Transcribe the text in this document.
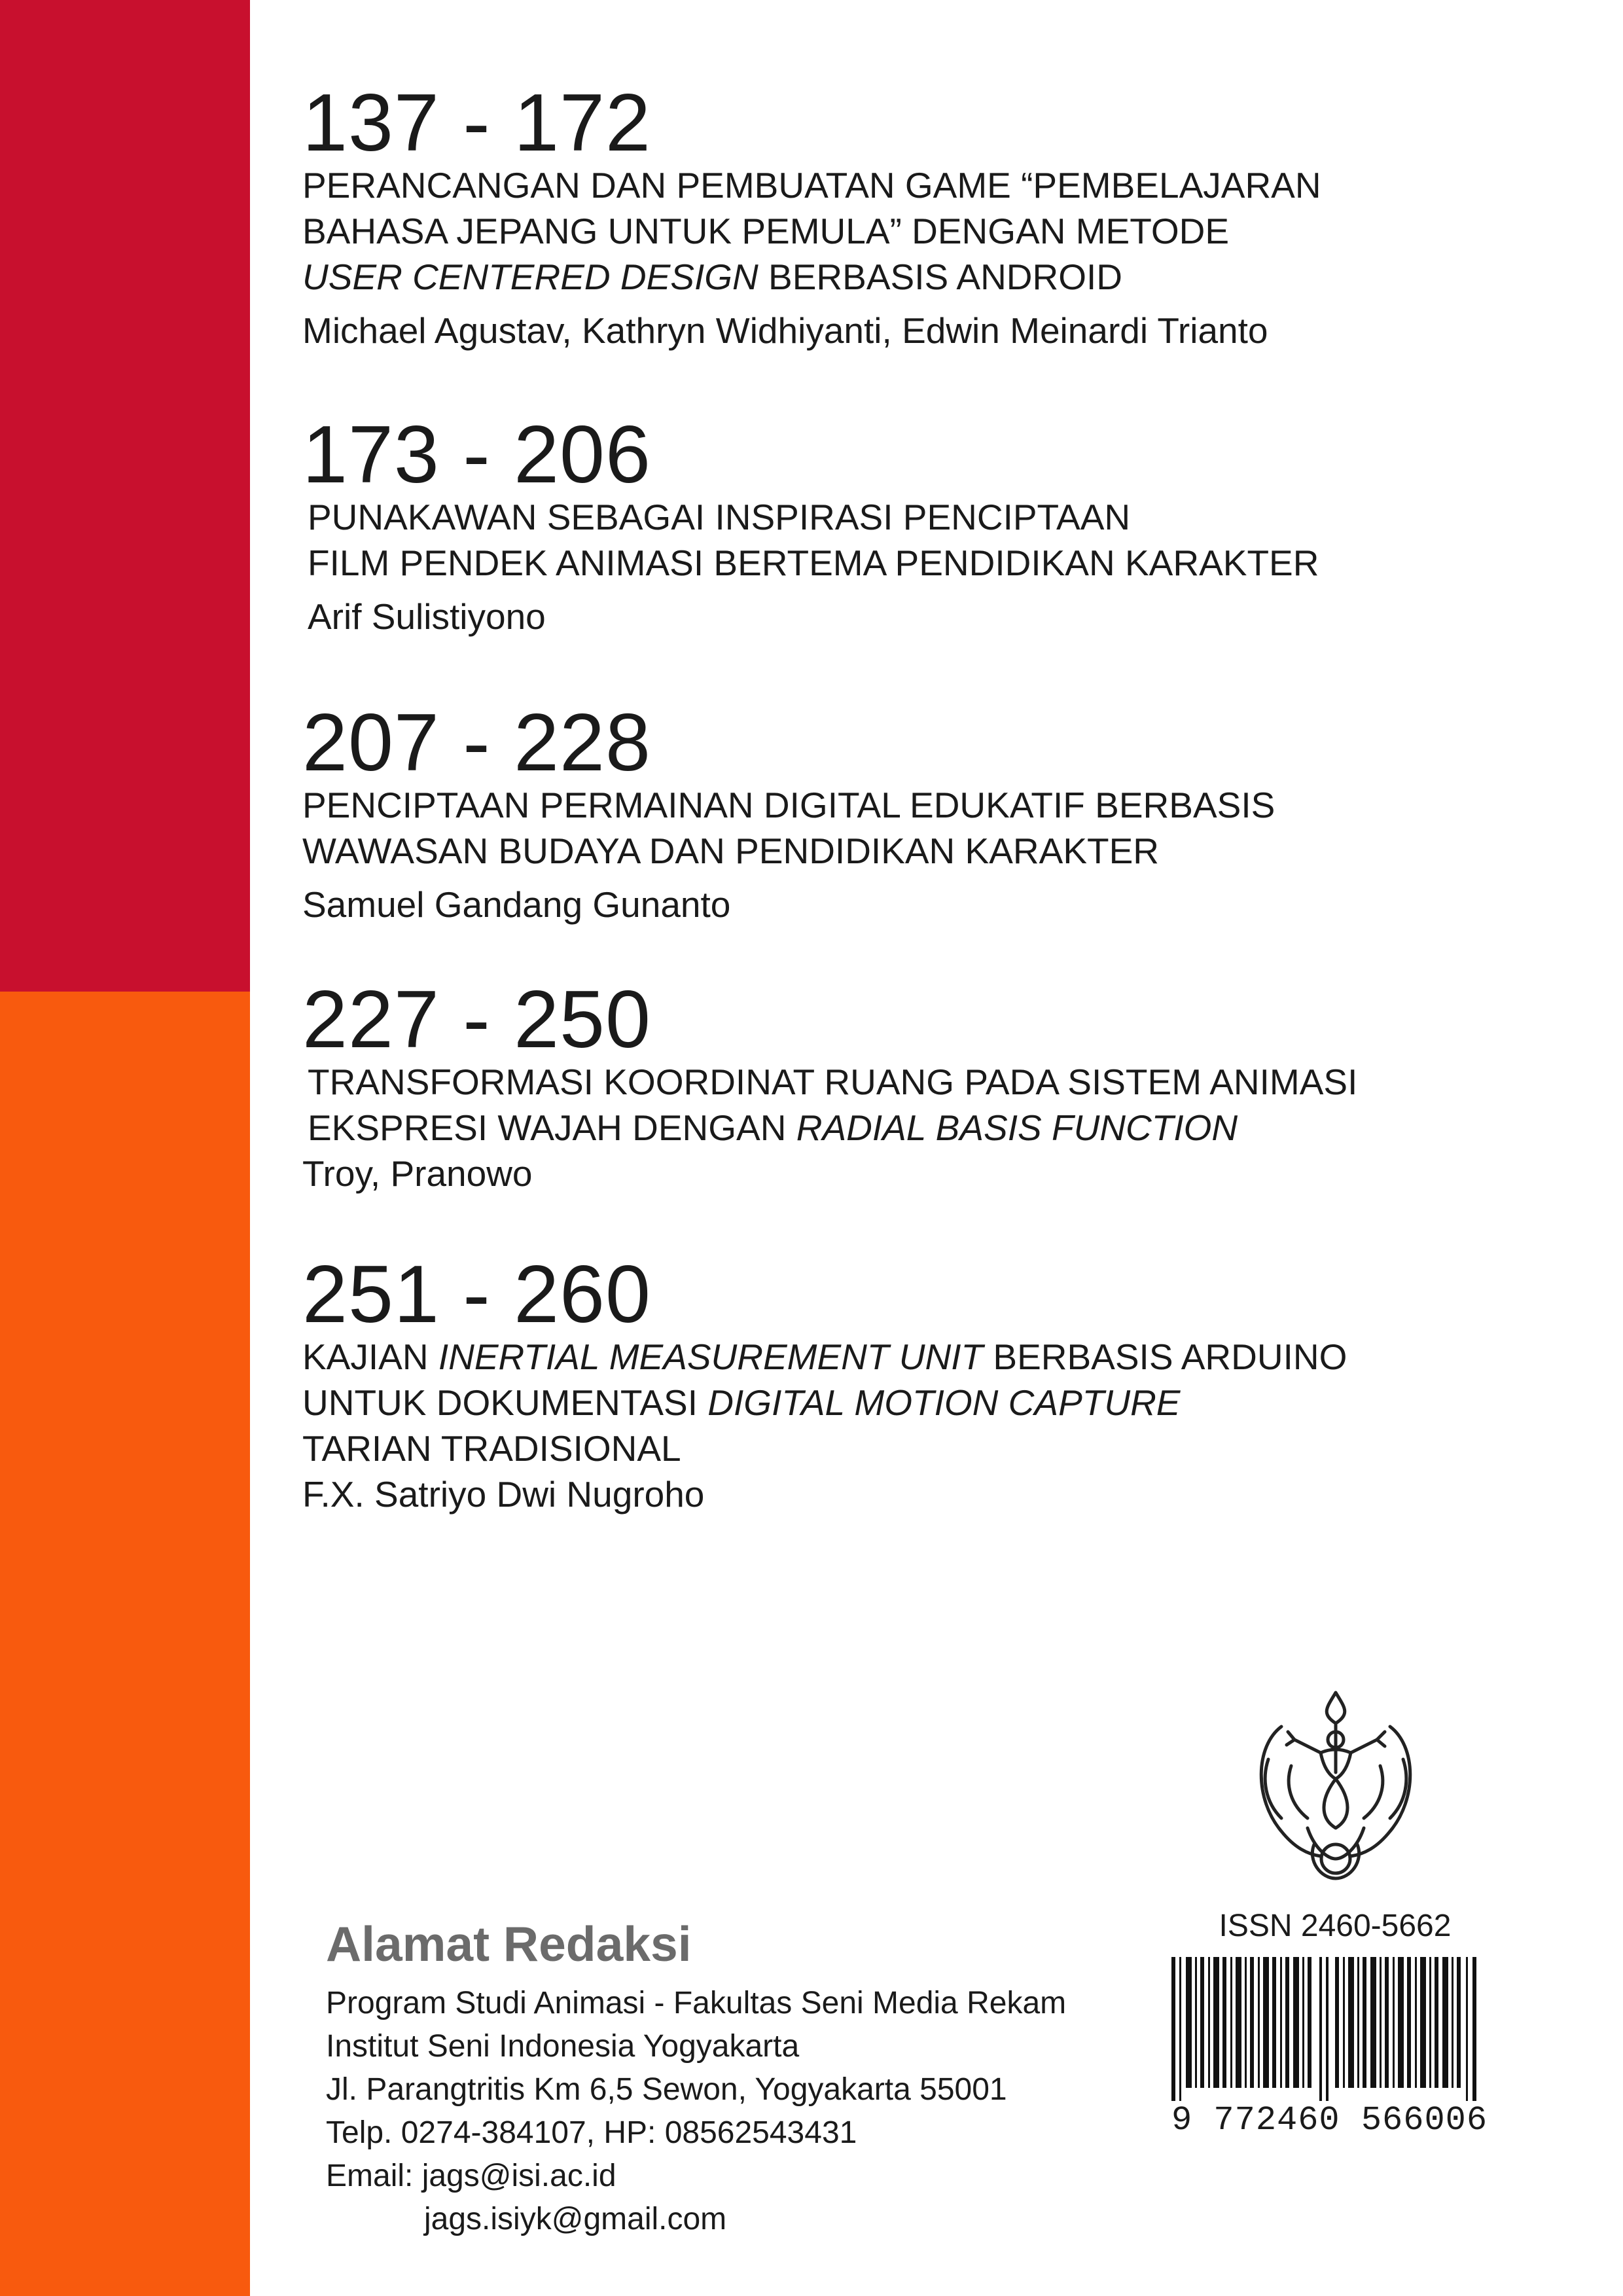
137 - 172

PERANCANGAN DAN PEMBUATAN GAME “PEMBELAJARAN

BAHASA JEPANG UNTUK PEMULA” DENGAN METODE

USER CENTERED DESIGN BERBASIS ANDROID

Michael Agustav, Kathryn Widhiyanti, Edwin Meinardi Trianto

173 - 206

PUNAKAWAN SEBAGAI INSPIRASI PENCIPTAAN

FILM PENDEK ANIMASI BERTEMA PENDIDIKAN KARAKTER

Arif Sulistiyono

207 - 228

PENCIPTAAN PERMAINAN DIGITAL EDUKATIF BERBASIS

WAWASAN BUDAYA DAN PENDIDIKAN KARAKTER

Samuel Gandang Gunanto

227 - 250

TRANSFORMASI KOORDINAT RUANG PADA SISTEM ANIMASI

EKSPRESI WAJAH DENGAN RADIAL BASIS FUNCTION

Troy, Pranowo

251 - 260

KAJIAN INERTIAL MEASUREMENT UNIT BERBASIS ARDUINO

UNTUK DOKUMENTASI DIGITAL MOTION CAPTURE

TARIAN TRADISIONAL

F.X. Satriyo Dwi Nugroho

ISSN 2460-5662
9 772460 566006

Alamat Redaksi

Program Studi Animasi - Fakultas Seni Media Rekam

Institut Seni Indonesia Yogyakarta

Jl. Parangtritis Km 6,5 Sewon, Yogyakarta 55001

Telp. 0274-384107, HP: 08562543431

Email: jags@isi.ac.id

jags.isiyk@gmail.com
